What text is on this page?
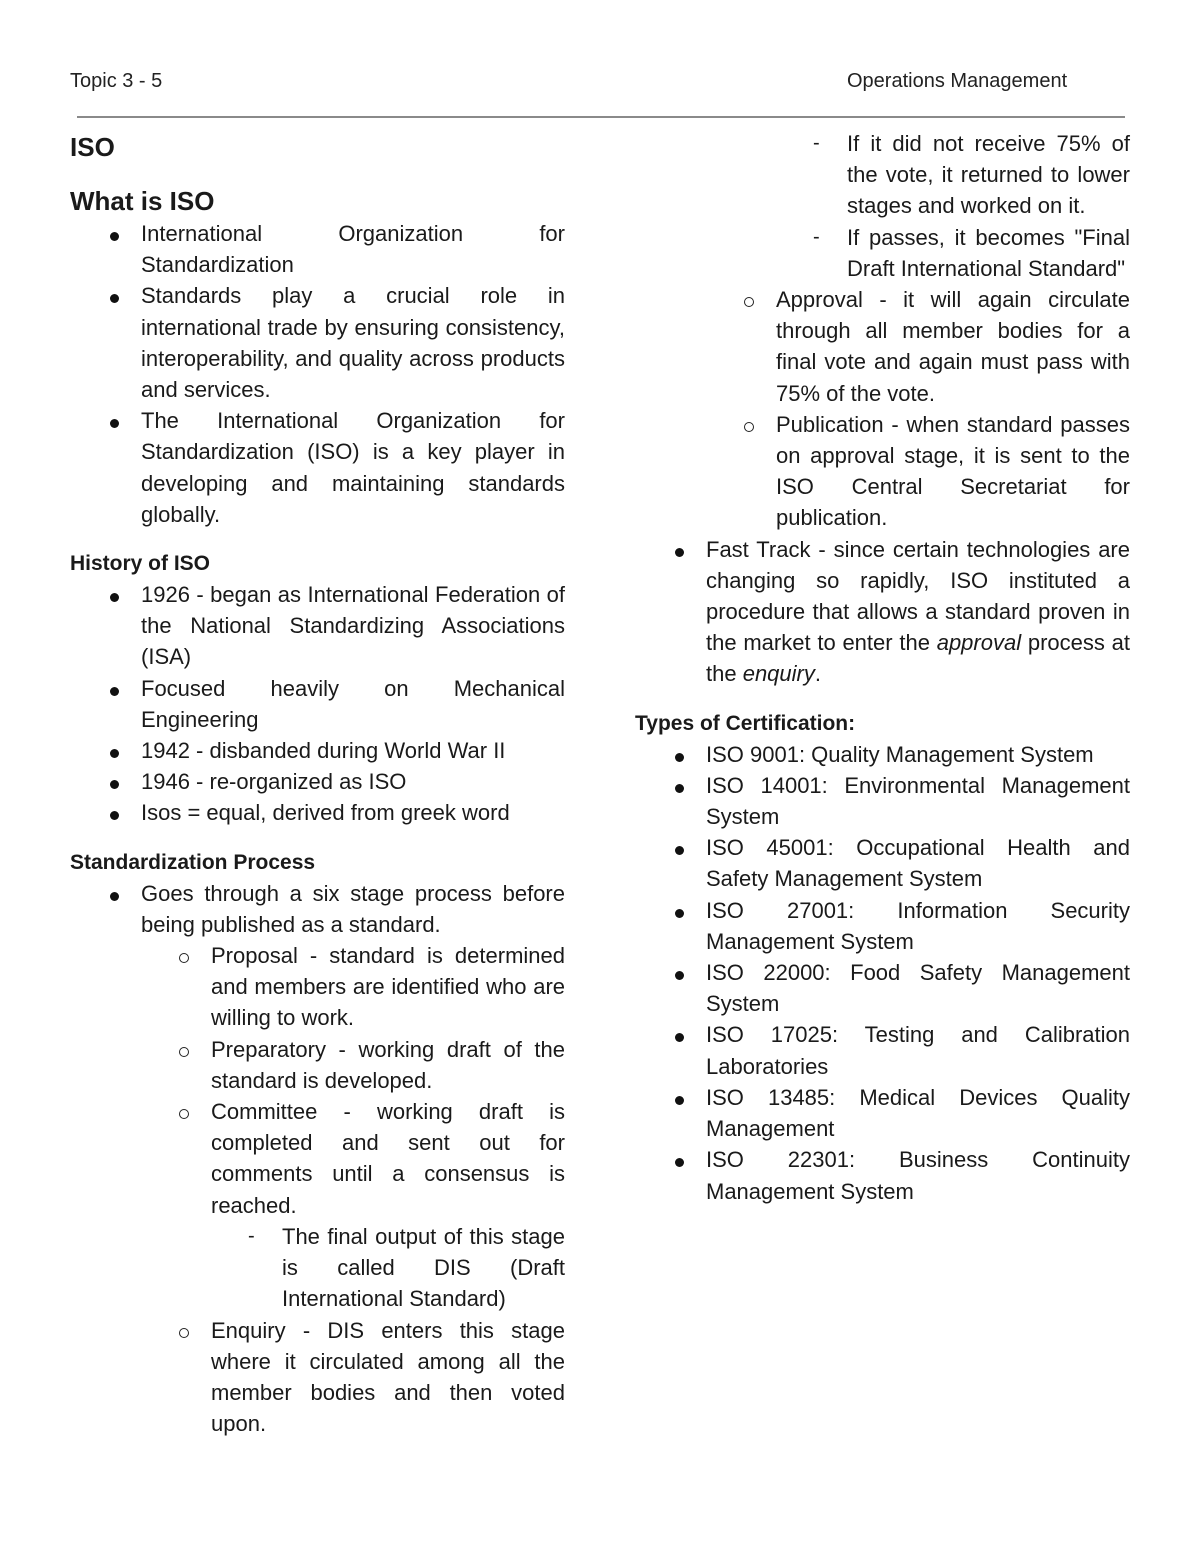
Topic 3 - 5	Operations Management
ISO
What is ISO
International Organization for Standardization
Standards play a crucial role in international trade by ensuring consistency, interoperability, and quality across products and services.
The International Organization for Standardization (ISO) is a key player in developing and maintaining standards globally.
History of ISO
1926 - began as International Federation of the National Standardizing Associations (ISA)
Focused heavily on Mechanical Engineering
1942 - disbanded during World War II
1946 - re-organized as ISO
Isos = equal, derived from greek word
Standardization Process
Goes through a six stage process before being published as a standard.
Proposal - standard is determined and members are identified who are willing to work.
Preparatory - working draft of the standard is developed.
Committee - working draft is completed and sent out for comments until a consensus is reached.
- The final output of this stage is called DIS (Draft International Standard)
Enquiry - DIS enters this stage where it circulated among all the member bodies and then voted upon.
- If it did not receive 75% of the vote, it returned to lower stages and worked on it.
- If passes, it becomes "Final Draft International Standard"
Approval - it will again circulate through all member bodies for a final vote and again must pass with 75% of the vote.
Publication - when standard passes on approval stage, it is sent to the ISO Central Secretariat for publication.
Fast Track - since certain technologies are changing so rapidly, ISO instituted a procedure that allows a standard proven in the market to enter the approval process at the enquiry.
Types of Certification:
ISO 9001: Quality Management System
ISO 14001: Environmental Management System
ISO 45001: Occupational Health and Safety Management System
ISO 27001: Information Security Management System
ISO 22000: Food Safety Management System
ISO 17025: Testing and Calibration Laboratories
ISO 13485: Medical Devices Quality Management
ISO 22301: Business Continuity Management System
